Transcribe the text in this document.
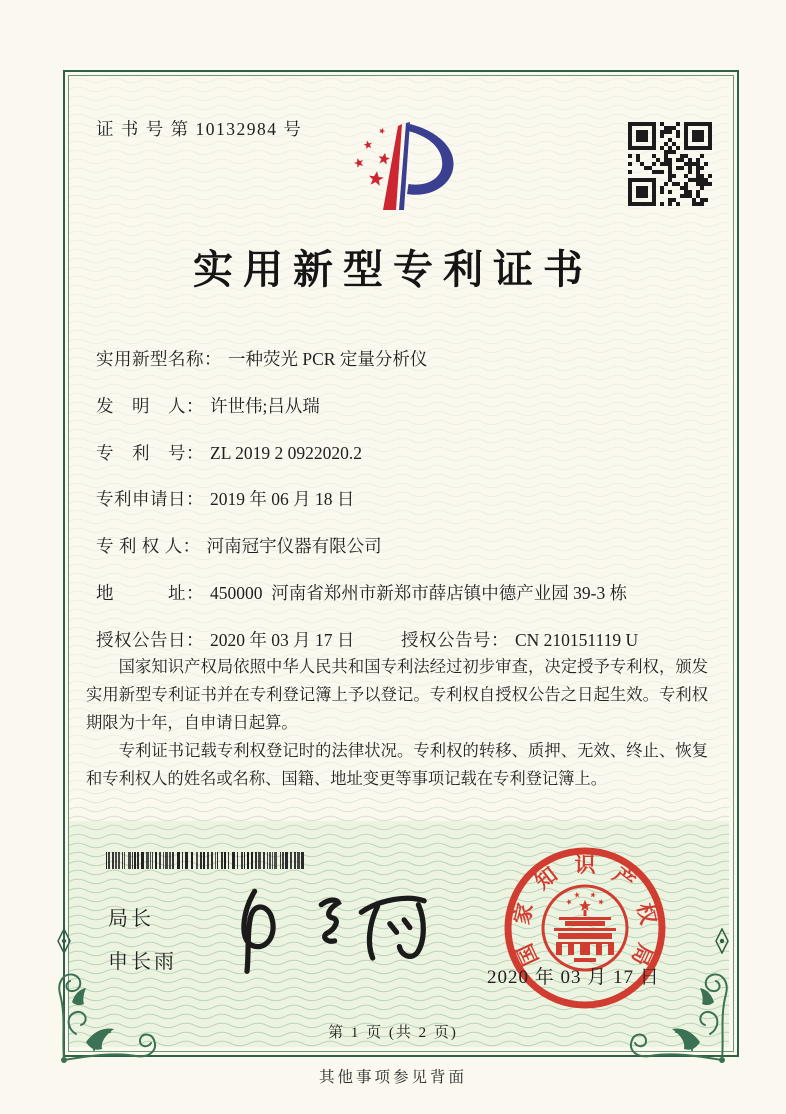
证 书 号 第 10132984 号
实用新型专利证书
实用新型名称： 一种荧光 PCR 定量分析仪
发　明　人： 许世伟;吕从瑞
专　利　号： ZL 2019 2 0922020.2
专利申请日： 2019 年 06 月 18 日
专 利 权 人： 河南冠宇仪器有限公司
地　　　址： 450000  河南省郑州市新郑市薛店镇中德产业园 39-3 栋
授权公告日： 2020 年 03 月 17 日	授权公告号： CN 210151119 U

国家知识产权局依照中华人民共和国专利法经过初步审查，决定授予专利权，颁发实用新型专利证书并在专利登记簿上予以登记。专利权自授权公告之日起生效。专利权期限为十年，自申请日起算。

专利证书记载专利权登记时的法律状况。专利权的转移、质押、无效、终止、恢复和专利权人的姓名或名称、国籍、地址变更等事项记载在专利登记簿上。

局长
申长雨	国
家
知 识 产
权
局
2020 年 03 月 17 日
第 1 页 (共 2 页)
其他事项参见背面
